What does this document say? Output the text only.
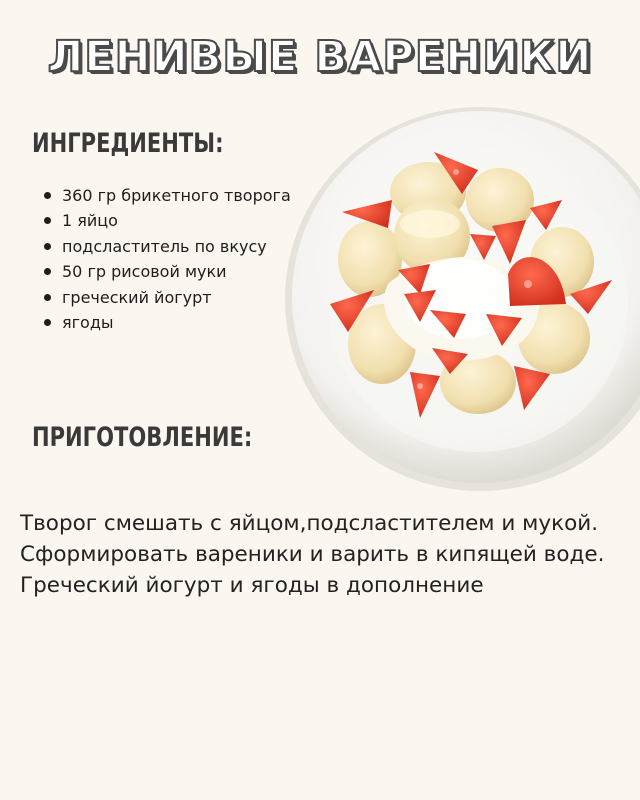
ЛЕНИВЫЕ ВАРЕНИКИ
ИНГРЕДИЕНТЫ:
360 гр брикетного творога
1 яйцо
подсластитель по вкусу
50 гр рисовой муки
греческий йогурт
ягоды
ПРИГОТОВЛЕНИЕ:

Творог смешать с яйцом,подсластителем и мукой.

Сформировать вареники и варить в кипящей воде.

Греческий йогурт и ягоды в дополнение
